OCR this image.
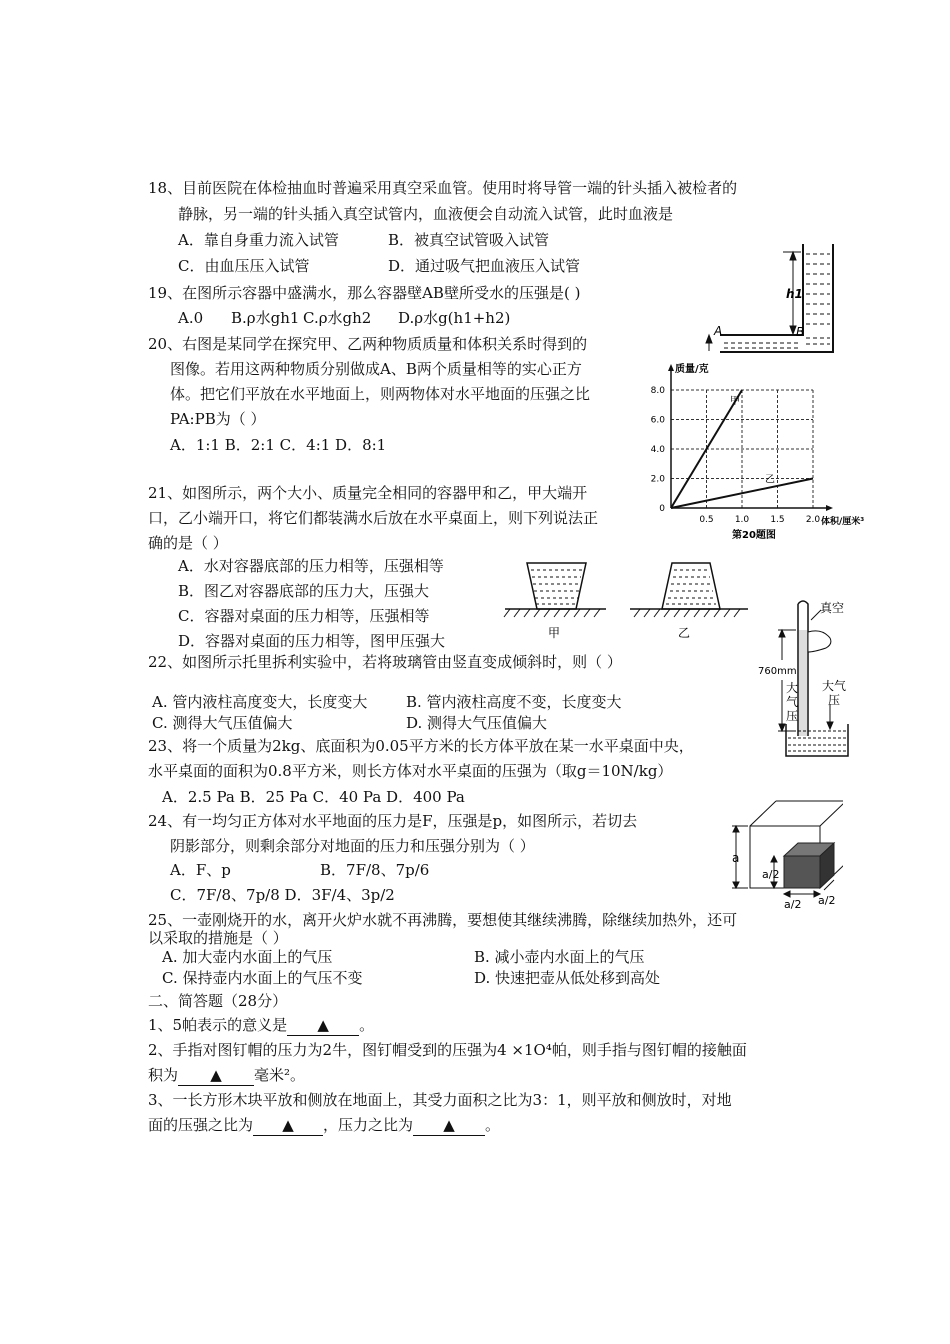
18、目前医院在体检抽血时普遍采用真空采血管。使用时将导管一端的针头插入被检者的
静脉，另一端的针头插入真空试管内，血液便会自动流入试管，此时血液是
A．靠自身重力流入试管	B．被真空试管吸入试管
C．由血压压入试管	D．通过吸气把血液压入试管
19、在图所示容器中盛满水，那么容器壁AB壁所受水的压强是( )
A.0 B.ρ水gh1 C.ρ水gh2 D.ρ水g(h1+h2)
h1
A	B
20、右图是某同学在探究甲、乙两种物质质量和体积关系时得到的
图像。若用这两种物质分别做成A、B两个质量相等的实心正方
体。把它们平放在水平地面上，则两物体对水平地面的压强之比
PA:PB为（ ）
A．1:1 B．2:1 C．4:1 D．8:1
0.5 1.0 1.5 2.0
2.0
4.0
6.0
8.0
0
质量/克
体积/厘米³
第20题图
甲
乙
21、如图所示，两个大小、质量完全相同的容器甲和乙，甲大端开
口，乙小端开口，将它们都装满水后放在水平桌面上，则下列说法正
确的是（ ）
A．水对容器底部的压力相等，压强相等
B．图乙对容器底部的压力大，压强大
C．容器对桌面的压力相等，压强相等
D．容器对桌面的压力相等，图甲压强大	甲	乙
22、如图所示托里拆利实验中，若将玻璃管由竖直变成倾斜时，则（ ）
A. 管内液柱高度变大，长度变大	B. 管内液柱高度不变，长度变大
C. 测得大气压值偏大	D. 测得大气压值偏大
真空
760mm
大
气
压
大气
压
23、将一个质量为2kg、底面积为0.05平方米的长方体平放在某一水平桌面中央，
水平桌面的面积为0.8平方米，则长方体对水平桌面的压强为（取g＝10N/kg）
A．2.5 Pa B．25 Pa C．40 Pa D．400 Pa
24、有一均匀正方体对水平地面的压力是F，压强是p，如图所示，若切去
阴影部分，则剩余部分对地面的压力和压强分别为（ ）
A．F、p	B．7F/8、7p/6
C．7F/8、7p/8 D．3F/4、3p/2
a
a/2
a/2 a/2
25、一壶刚烧开的水，离开火炉水就不再沸腾，要想使其继续沸腾，除继续加热外，还可
以采取的措施是（ ）
A. 加大壶内水面上的气压	B. 减小壶内水面上的气压
C. 保持壶内水面上的气压不变	D. 快速把壶从低处移到高处
二、简答题（28分）
1、5帕表示的意义是 ▲ 。
2、手指对图钉帽的压力为2牛，图钉帽受到的压强为4 ×1O⁴帕，则手指与图钉帽的接触面
积为 ▲ 毫米²。
3、一长方形木块平放和侧放在地面上，其受力面积之比为3：1，则平放和侧放时，对地
面的压强之比为 ▲ ，压力之比为 ▲ 。
